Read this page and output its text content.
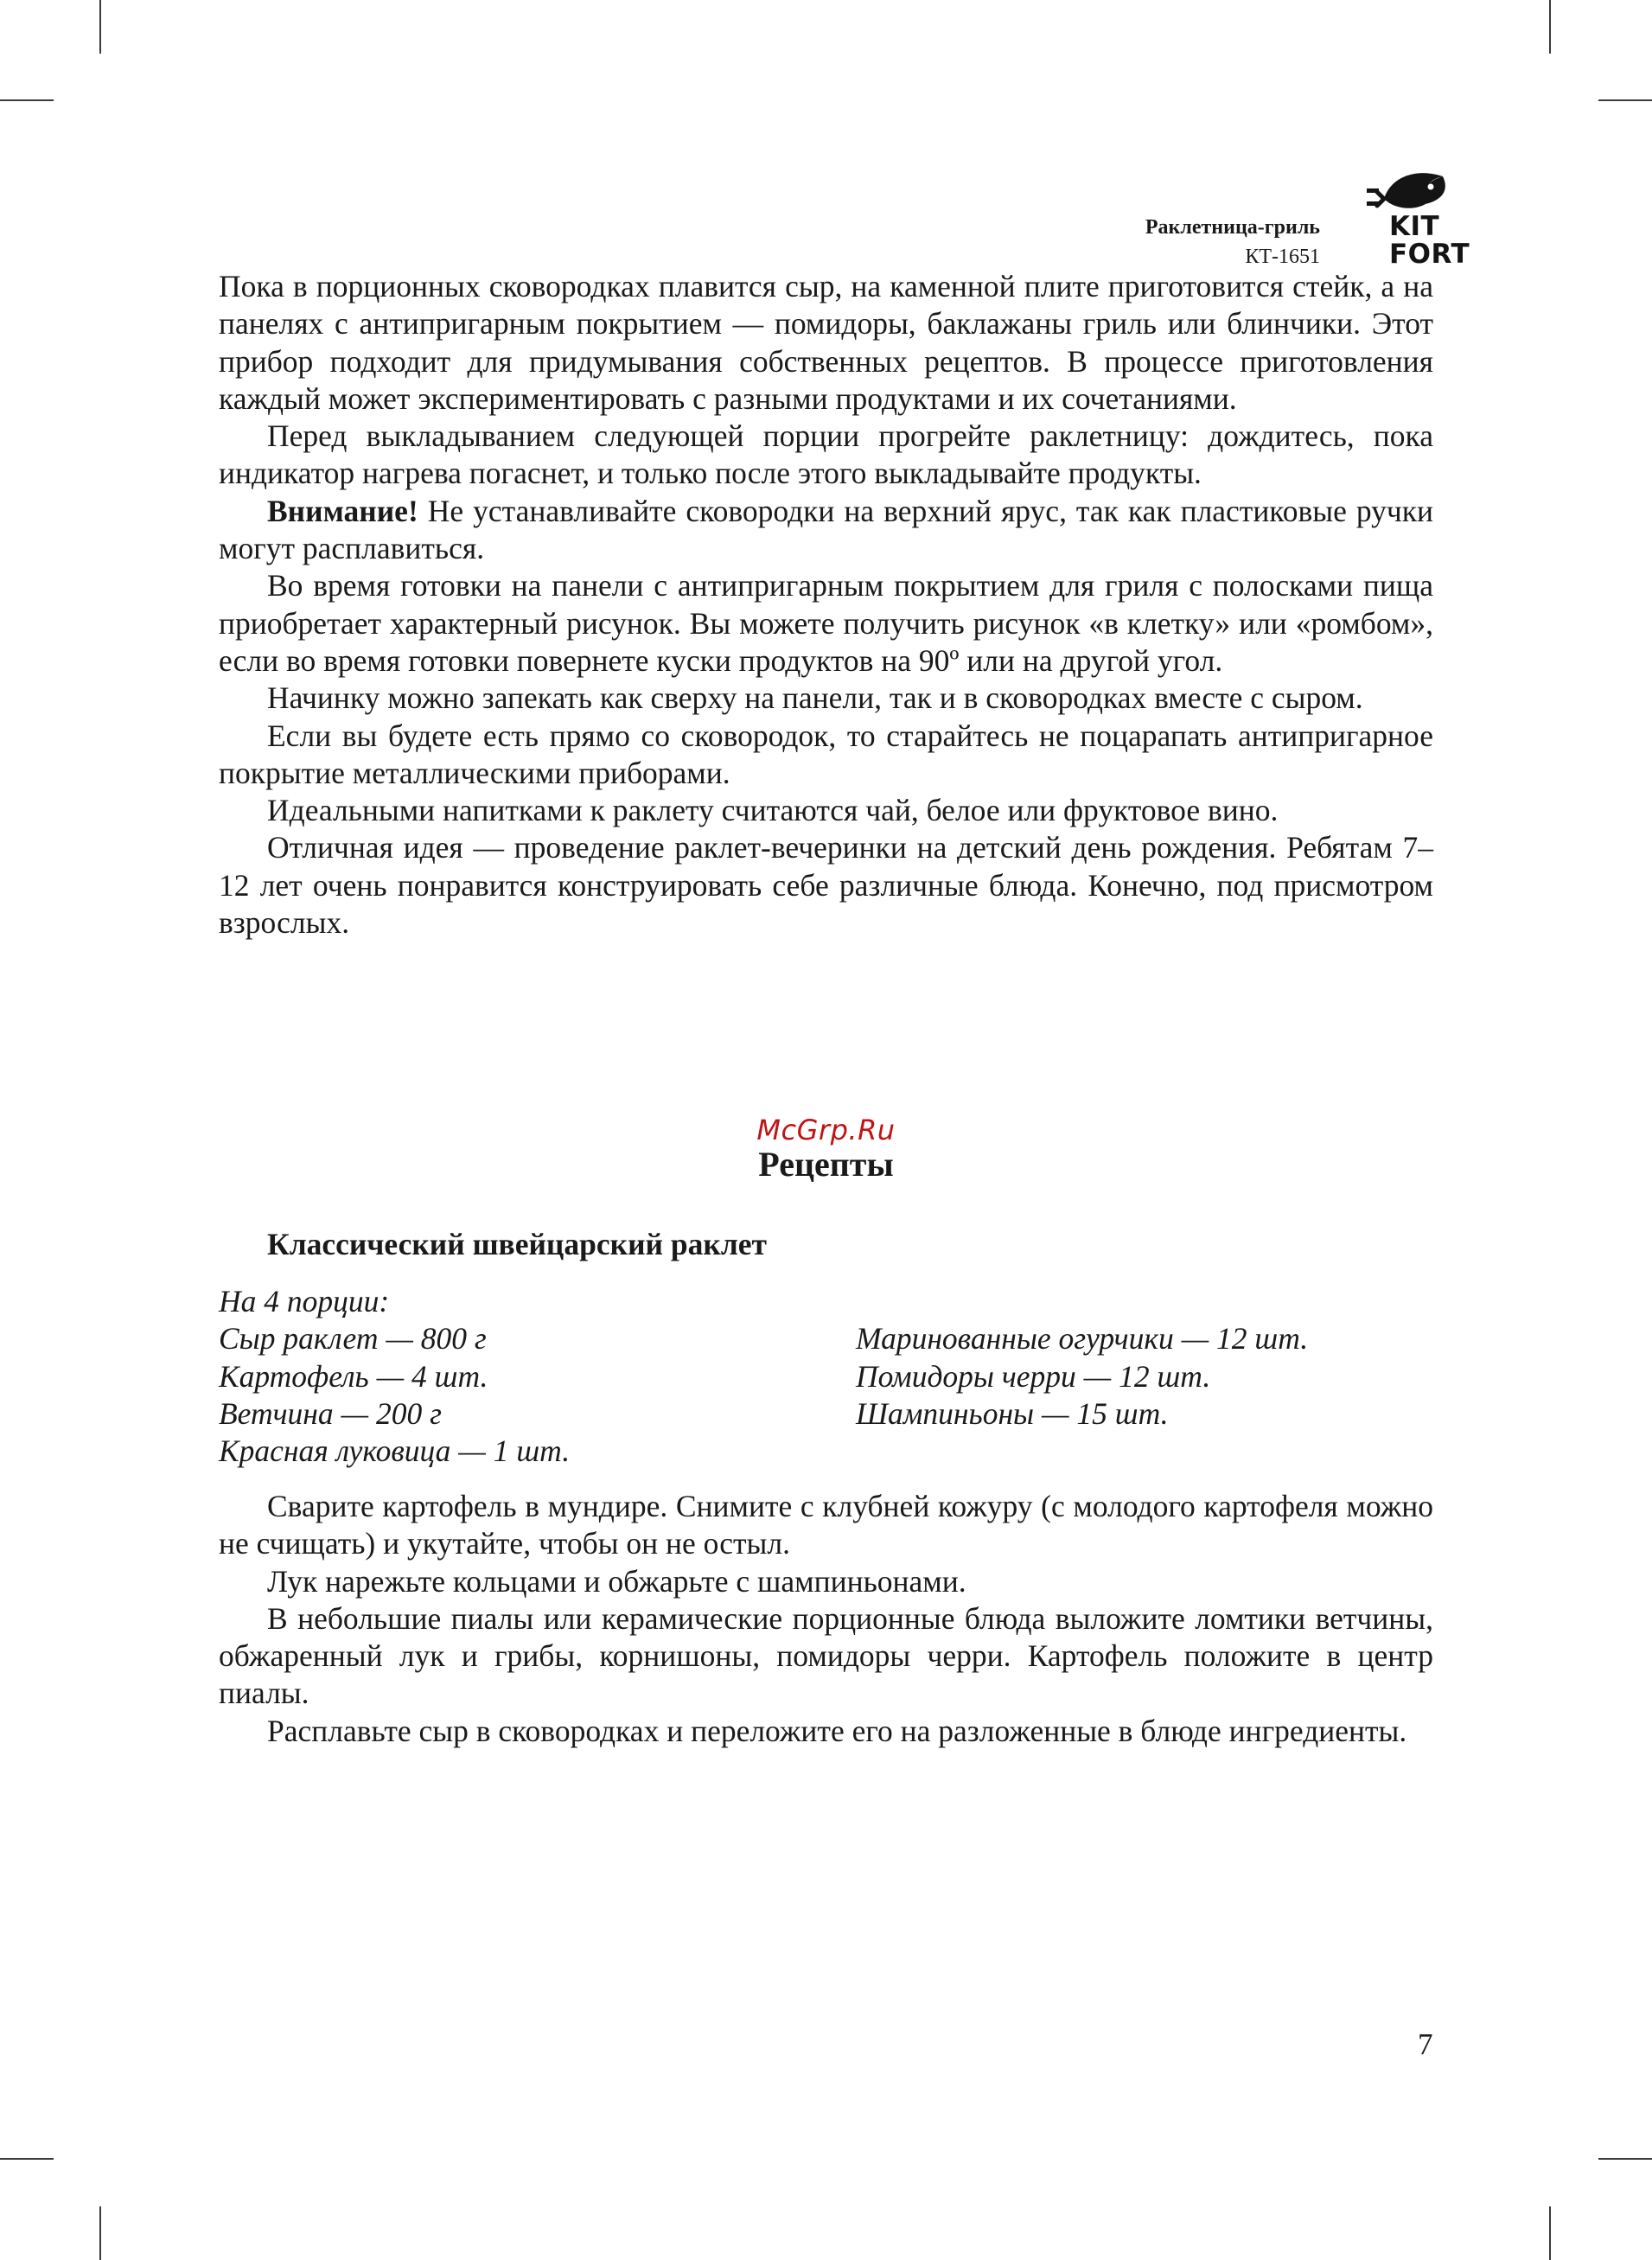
Раклетница-гриль
КТ-1651
KIT
FORT

Пока в порционных сковородках плавится сыр, на каменной плите приготовится стейк, а на панелях с антипригарным покрытием — помидоры, баклажаны гриль или блинчики. Этот прибор подходит для придумывания собственных рецептов. В процессе приготовления каждый может экспериментировать с разными продуктами и их сочетаниями.

Перед выкладыванием следующей порции прогрейте раклетницу: дождитесь, пока индикатор нагрева погаснет, и только после этого выкладывайте продукты.

Внимание! Не устанавливайте сковородки на верхний ярус, так как пластиковые ручки могут расплавиться.

Во время готовки на панели с антипригарным покрытием для гриля с полосками пища приобретает характерный рисунок. Вы можете получить рисунок «в клетку» или «ромбом», если во время готовки повернете куски продуктов на 90º или на другой угол.

Начинку можно запекать как сверху на панели, так и в сковородках вместе с сыром.

Если вы будете есть прямо со сковородок, то старайтесь не поцарапать антипригарное покрытие металлическими приборами.

Идеальными напитками к раклету считаются чай, белое или фруктовое вино.

Отличная идея — проведение раклет-вечеринки на детский день рождения. Ребятам 7–12 лет очень понравится конструировать себе различные блюда. Конечно, под присмотром взрослых.

McGrp.Ru
Рецепты
Классический швейцарский раклет
На 4 порции:
Сыр раклет — 800 г
Картофель — 4 шт.
Ветчина — 200 г
Красная луковица — 1 шт.
Маринованные огурчики — 12 шт.
Помидоры черри — 12 шт.
Шампиньоны — 15 шт.

Сварите картофель в мундире. Снимите с клубней кожуру (с молодого картофеля можно не счищать) и укутайте, чтобы он не остыл.

Лук нарежьте кольцами и обжарьте с шампиньонами.

В небольшие пиалы или керамические порционные блюда выложите ломтики ветчины, обжаренный лук и грибы, корнишоны, помидоры черри. Картофель положите в центр пиалы.

Расплавьте сыр в сковородках и переложите его на разложенные в блюде ингредиенты.

7
